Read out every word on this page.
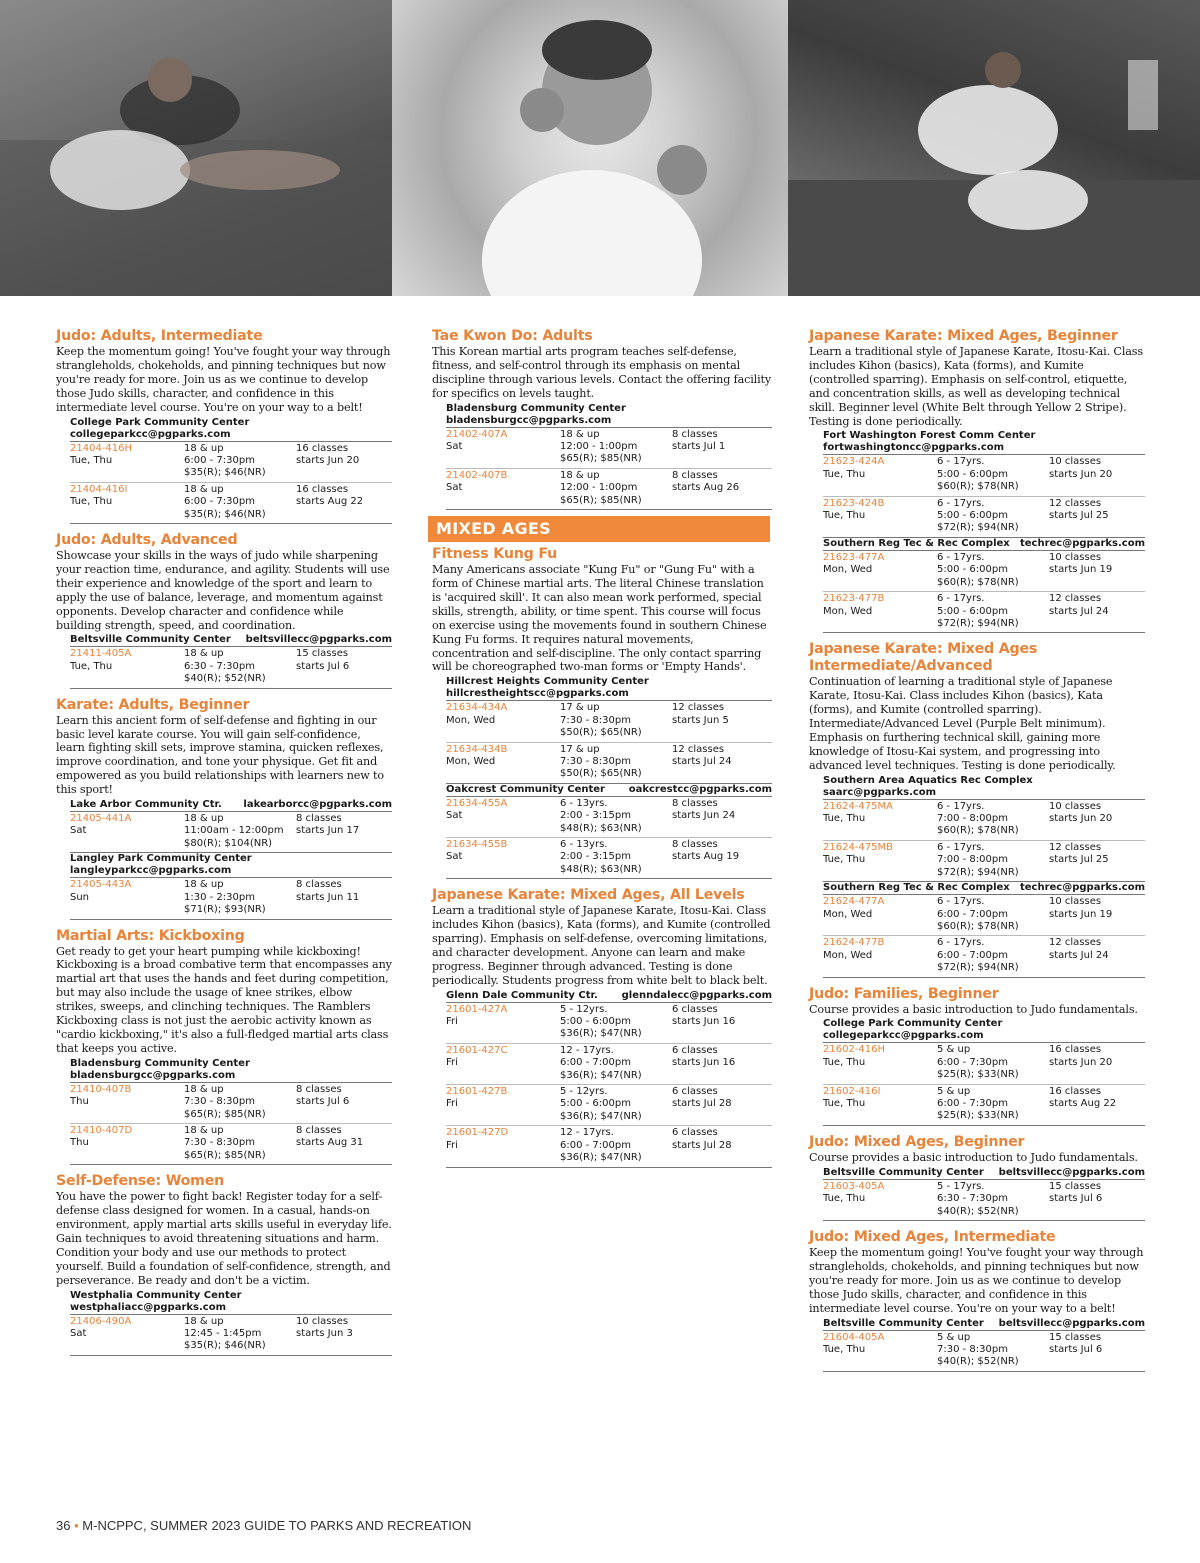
Judo: Adults, Intermediate

Keep the momentum going! You've fought your way through strangleholds, chokeholds, and pinning techniques but now you're ready for more. Join us as we continue to develop those Judo skills, character, and confidence in this intermediate level course. You're on your way to a belt!

College Park Community Center
collegeparkcc@pgparks.com
21404-416H
Tue, Thu
18 & up
6:00 - 7:30pm
$35(R); $46(NR)
16 classes
starts Jun 20
21404-416I
Tue, Thu
18 & up
6:00 - 7:30pm
$35(R); $46(NR)
16 classes
starts Aug 22
Judo: Adults, Advanced

Showcase your skills in the ways of judo while sharpening your reaction time, endurance, and agility. Students will use their experience and knowledge of the sport and learn to apply the use of balance, leverage, and momentum against opponents. Develop character and confidence while building strength, speed, and coordination.

Beltsville Community Center beltsvillecc@pgparks.com
21411-405A
Tue, Thu
18 & up
6:30 - 7:30pm
$40(R); $52(NR)
15 classes
starts Jul 6
Karate: Adults, Beginner

Learn this ancient form of self-defense and fighting in our basic level karate course. You will gain self-confidence, learn fighting skill sets, improve stamina, quicken reflexes, improve coordination, and tone your physique. Get fit and empowered as you build relationships with learners new to this sport!

Lake Arbor Community Ctr. lakearborcc@pgparks.com
21405-441A
Sat
18 & up
11:00am - 12:00pm
$80(R); $104(NR)
8 classes
starts Jun 17
Langley Park Community Center
langleyparkcc@pgparks.com
21405-443A
Sun
18 & up
1:30 - 2:30pm
$71(R); $93(NR)
8 classes
starts Jun 11
Martial Arts: Kickboxing

Get ready to get your heart pumping while kickboxing! Kickboxing is a broad combative term that encompasses any martial art that uses the hands and feet during competition, but may also include the usage of knee strikes, elbow strikes, sweeps, and clinching techniques. The Ramblers Kickboxing class is not just the aerobic activity known as "cardio kickboxing," it's also a full-fledged martial arts class that keeps you active.

Bladensburg Community Center
bladensburgcc@pgparks.com
21410-407B
Thu
18 & up
7:30 - 8:30pm
$65(R); $85(NR)
8 classes
starts Jul 6
21410-407D
Thu
18 & up
7:30 - 8:30pm
$65(R); $85(NR)
8 classes
starts Aug 31
Self-Defense: Women

You have the power to fight back! Register today for a self-defense class designed for women. In a casual, hands-on environment, apply martial arts skills useful in everyday life. Gain techniques to avoid threatening situations and harm. Condition your body and use our methods to protect yourself. Build a foundation of self-confidence, strength, and perseverance. Be ready and don't be a victim.

Westphalia Community Center
westphaliacc@pgparks.com
21406-490A
Sat
18 & up
12:45 - 1:45pm
$35(R); $46(NR)
10 classes
starts Jun 3
Tae Kwon Do: Adults

This Korean martial arts program teaches self-defense, fitness, and self-control through its emphasis on mental discipline through various levels. Contact the offering facility for specifics on levels taught.

Bladensburg Community Center
bladensburgcc@pgparks.com
21402-407A
Sat
18 & up
12:00 - 1:00pm
$65(R); $85(NR)
8 classes
starts Jul 1
21402-407B
Sat
18 & up
12:00 - 1:00pm
$65(R); $85(NR)
8 classes
starts Aug 26
MIXED AGES
Fitness Kung Fu

Many Americans associate "Kung Fu" or "Gung Fu" with a form of Chinese martial arts. The literal Chinese translation is 'acquired skill'. It can also mean work performed, special skills, strength, ability, or time spent. This course will focus on exercise using the movements found in southern Chinese Kung Fu forms. It requires natural movements, concentration and self-discipline. The only contact sparring will be choreographed two-man forms or 'Empty Hands'.

Hillcrest Heights Community Center
hillcrestheightscc@pgparks.com
21634-434A
Mon, Wed
17 & up
7:30 - 8:30pm
$50(R); $65(NR)
12 classes
starts Jun 5
21634-434B
Mon, Wed
17 & up
7:30 - 8:30pm
$50(R); $65(NR)
12 classes
starts Jul 24
Oakcrest Community Center oakcrestcc@pgparks.com
21634-455A
Sat
6 - 13yrs.
2:00 - 3:15pm
$48(R); $63(NR)
8 classes
starts Jun 24
21634-455B
Sat
6 - 13yrs.
2:00 - 3:15pm
$48(R); $63(NR)
8 classes
starts Aug 19
Japanese Karate: Mixed Ages, All Levels

Learn a traditional style of Japanese Karate, Itosu-Kai. Class includes Kihon (basics), Kata (forms), and Kumite (controlled sparring). Emphasis on self-defense, overcoming limitations, and character development. Anyone can learn and make progress. Beginner through advanced. Testing is done periodically. Students progress from white belt to black belt.

Glenn Dale Community Ctr. glenndalecc@pgparks.com
21601-427A
Fri
5 - 12yrs.
5:00 - 6:00pm
$36(R); $47(NR)
6 classes
starts Jun 16
21601-427C
Fri
12 - 17yrs.
6:00 - 7:00pm
$36(R); $47(NR)
6 classes
starts Jun 16
21601-427B
Fri
5 - 12yrs.
5:00 - 6:00pm
$36(R); $47(NR)
6 classes
starts Jul 28
21601-427D
Fri
12 - 17yrs.
6:00 - 7:00pm
$36(R); $47(NR)
6 classes
starts Jul 28
Japanese Karate: Mixed Ages, Beginner

Learn a traditional style of Japanese Karate, Itosu-Kai. Class includes Kihon (basics), Kata (forms), and Kumite (controlled sparring). Emphasis on self-control, etiquette, and concentration skills, as well as developing technical skill. Beginner level (White Belt through Yellow 2 Stripe). Testing is done periodically.

Fort Washington Forest Comm Center
fortwashingtoncc@pgparks.com
21623-424A
Tue, Thu
6 - 17yrs.
5:00 - 6:00pm
$60(R); $78(NR)
10 classes
starts Jun 20
21623-424B
Tue, Thu
6 - 17yrs.
5:00 - 6:00pm
$72(R); $94(NR)
12 classes
starts Jul 25
Southern Reg Tec & Rec Complex techrec@pgparks.com
21623-477A
Mon, Wed
6 - 17yrs.
5:00 - 6:00pm
$60(R); $78(NR)
10 classes
starts Jun 19
21623-477B
Mon, Wed
6 - 17yrs.
5:00 - 6:00pm
$72(R); $94(NR)
12 classes
starts Jul 24
Japanese Karate: Mixed Ages Intermediate/Advanced

Continuation of learning a traditional style of Japanese Karate, Itosu-Kai. Class includes Kihon (basics), Kata (forms), and Kumite (controlled sparring). Intermediate/Advanced Level (Purple Belt minimum). Emphasis on furthering technical skill, gaining more knowledge of Itosu-Kai system, and progressing into advanced level techniques. Testing is done periodically.

Southern Area Aquatics Rec Complex
saarc@pgparks.com
21624-475MA
Tue, Thu
6 - 17yrs.
7:00 - 8:00pm
$60(R); $78(NR)
10 classes
starts Jun 20
21624-475MB
Tue, Thu
6 - 17yrs.
7:00 - 8:00pm
$72(R); $94(NR)
12 classes
starts Jul 25
Southern Reg Tec & Rec Complex techrec@pgparks.com
21624-477A
Mon, Wed
6 - 17yrs.
6:00 - 7:00pm
$60(R); $78(NR)
10 classes
starts Jun 19
21624-477B
Mon, Wed
6 - 17yrs.
6:00 - 7:00pm
$72(R); $94(NR)
12 classes
starts Jul 24
Judo: Families, Beginner

Course provides a basic introduction to Judo fundamentals.

College Park Community Center
collegeparkcc@pgparks.com
21602-416H
Tue, Thu
5 & up
6:00 - 7:30pm
$25(R); $33(NR)
16 classes
starts Jun 20
21602-416I
Tue, Thu
5 & up
6:00 - 7:30pm
$25(R); $33(NR)
16 classes
starts Aug 22
Judo: Mixed Ages, Beginner

Course provides a basic introduction to Judo fundamentals.

Beltsville Community Center beltsvillecc@pgparks.com
21603-405A
Tue, Thu
5 - 17yrs.
6:30 - 7:30pm
$40(R); $52(NR)
15 classes
starts Jul 6
Judo: Mixed Ages, Intermediate

Keep the momentum going! You've fought your way through strangleholds, chokeholds, and pinning techniques but now you're ready for more. Join us as we continue to develop those Judo skills, character, and confidence in this intermediate level course. You're on your way to a belt!

Beltsville Community Center beltsvillecc@pgparks.com
21604-405A
Tue, Thu
5 & up
7:30 - 8:30pm
$40(R); $52(NR)
15 classes
starts Jul 6
36 • M-NCPPC, SUMMER 2023 GUIDE TO PARKS AND RECREATION
